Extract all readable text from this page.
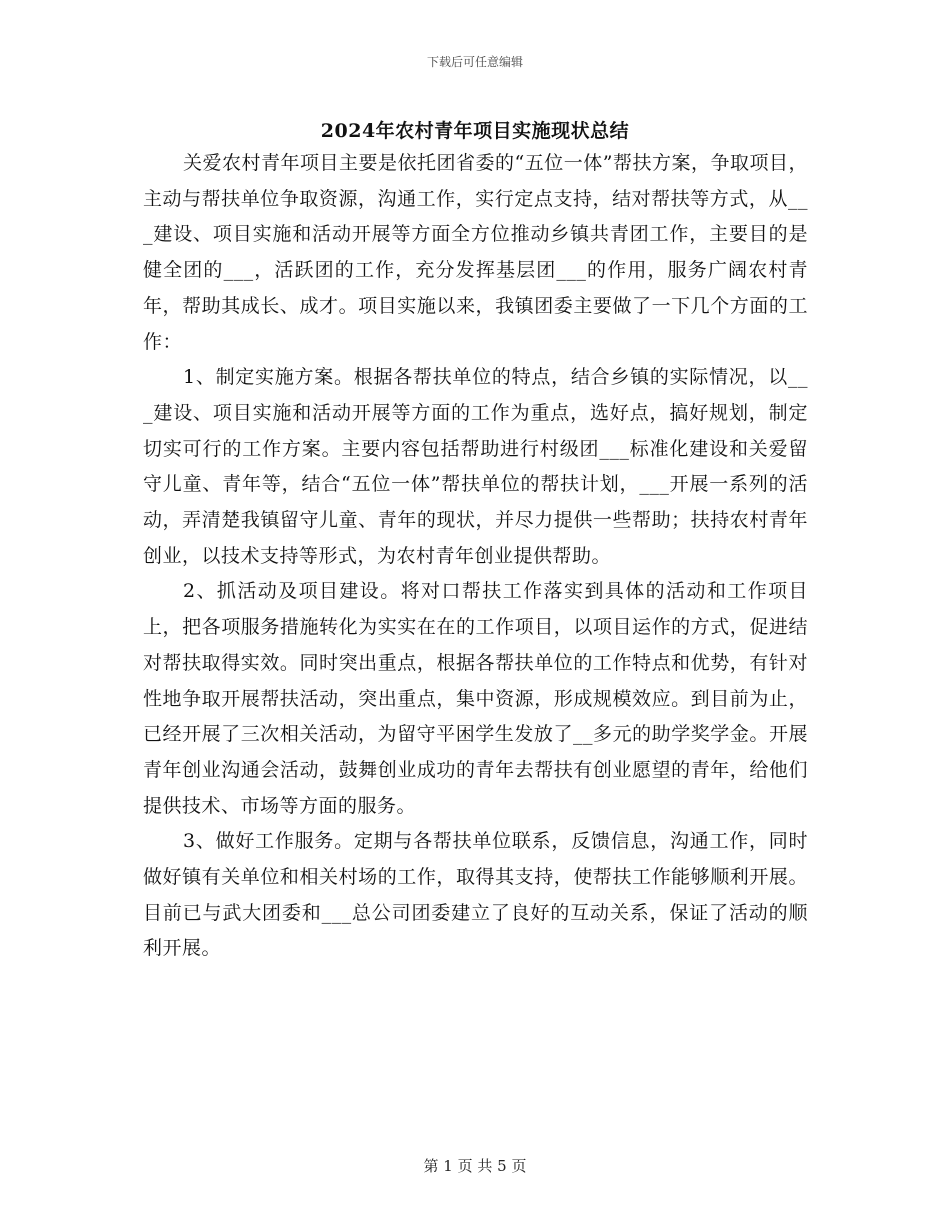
下载后可任意编辑
2024年农村青年项目实施现状总结

关爱农村青年项目主要是依托团省委的“五位一体”帮扶方案，争取项目，主动与帮扶单位争取资源，沟通工作，实行定点支持，结对帮扶等方式，从___建设、项目实施和活动开展等方面全方位推动乡镇共青团工作，主要目的是健全团的___，活跃团的工作，充分发挥基层团___的作用，服务广阔农村青年，帮助其成长、成才。项目实施以来，我镇团委主要做了一下几个方面的工作：

1、制定实施方案。根据各帮扶单位的特点，结合乡镇的实际情况，以___建设、项目实施和活动开展等方面的工作为重点，选好点，搞好规划，制定切实可行的工作方案。主要内容包括帮助进行村级团___标准化建设和关爱留守儿童、青年等，结合“五位一体”帮扶单位的帮扶计划，___开展一系列的活动，弄清楚我镇留守儿童、青年的现状，并尽力提供一些帮助；扶持农村青年创业，以技术支持等形式，为农村青年创业提供帮助。

2、抓活动及项目建设。将对口帮扶工作落实到具体的活动和工作项目上，把各项服务措施转化为实实在在的工作项目，以项目运作的方式，促进结对帮扶取得实效。同时突出重点，根据各帮扶单位的工作特点和优势，有针对性地争取开展帮扶活动，突出重点，集中资源，形成规模效应。到目前为止，已经开展了三次相关活动，为留守平困学生发放了__多元的助学奖学金。开展青年创业沟通会活动，鼓舞创业成功的青年去帮扶有创业愿望的青年，给他们提供技术、市场等方面的服务。

3、做好工作服务。定期与各帮扶单位联系，反馈信息，沟通工作，同时做好镇有关单位和相关村场的工作，取得其支持，使帮扶工作能够顺利开展。目前已与武大团委和___总公司团委建立了良好的互动关系，保证了活动的顺利开展。

第 1 页 共 5 页
